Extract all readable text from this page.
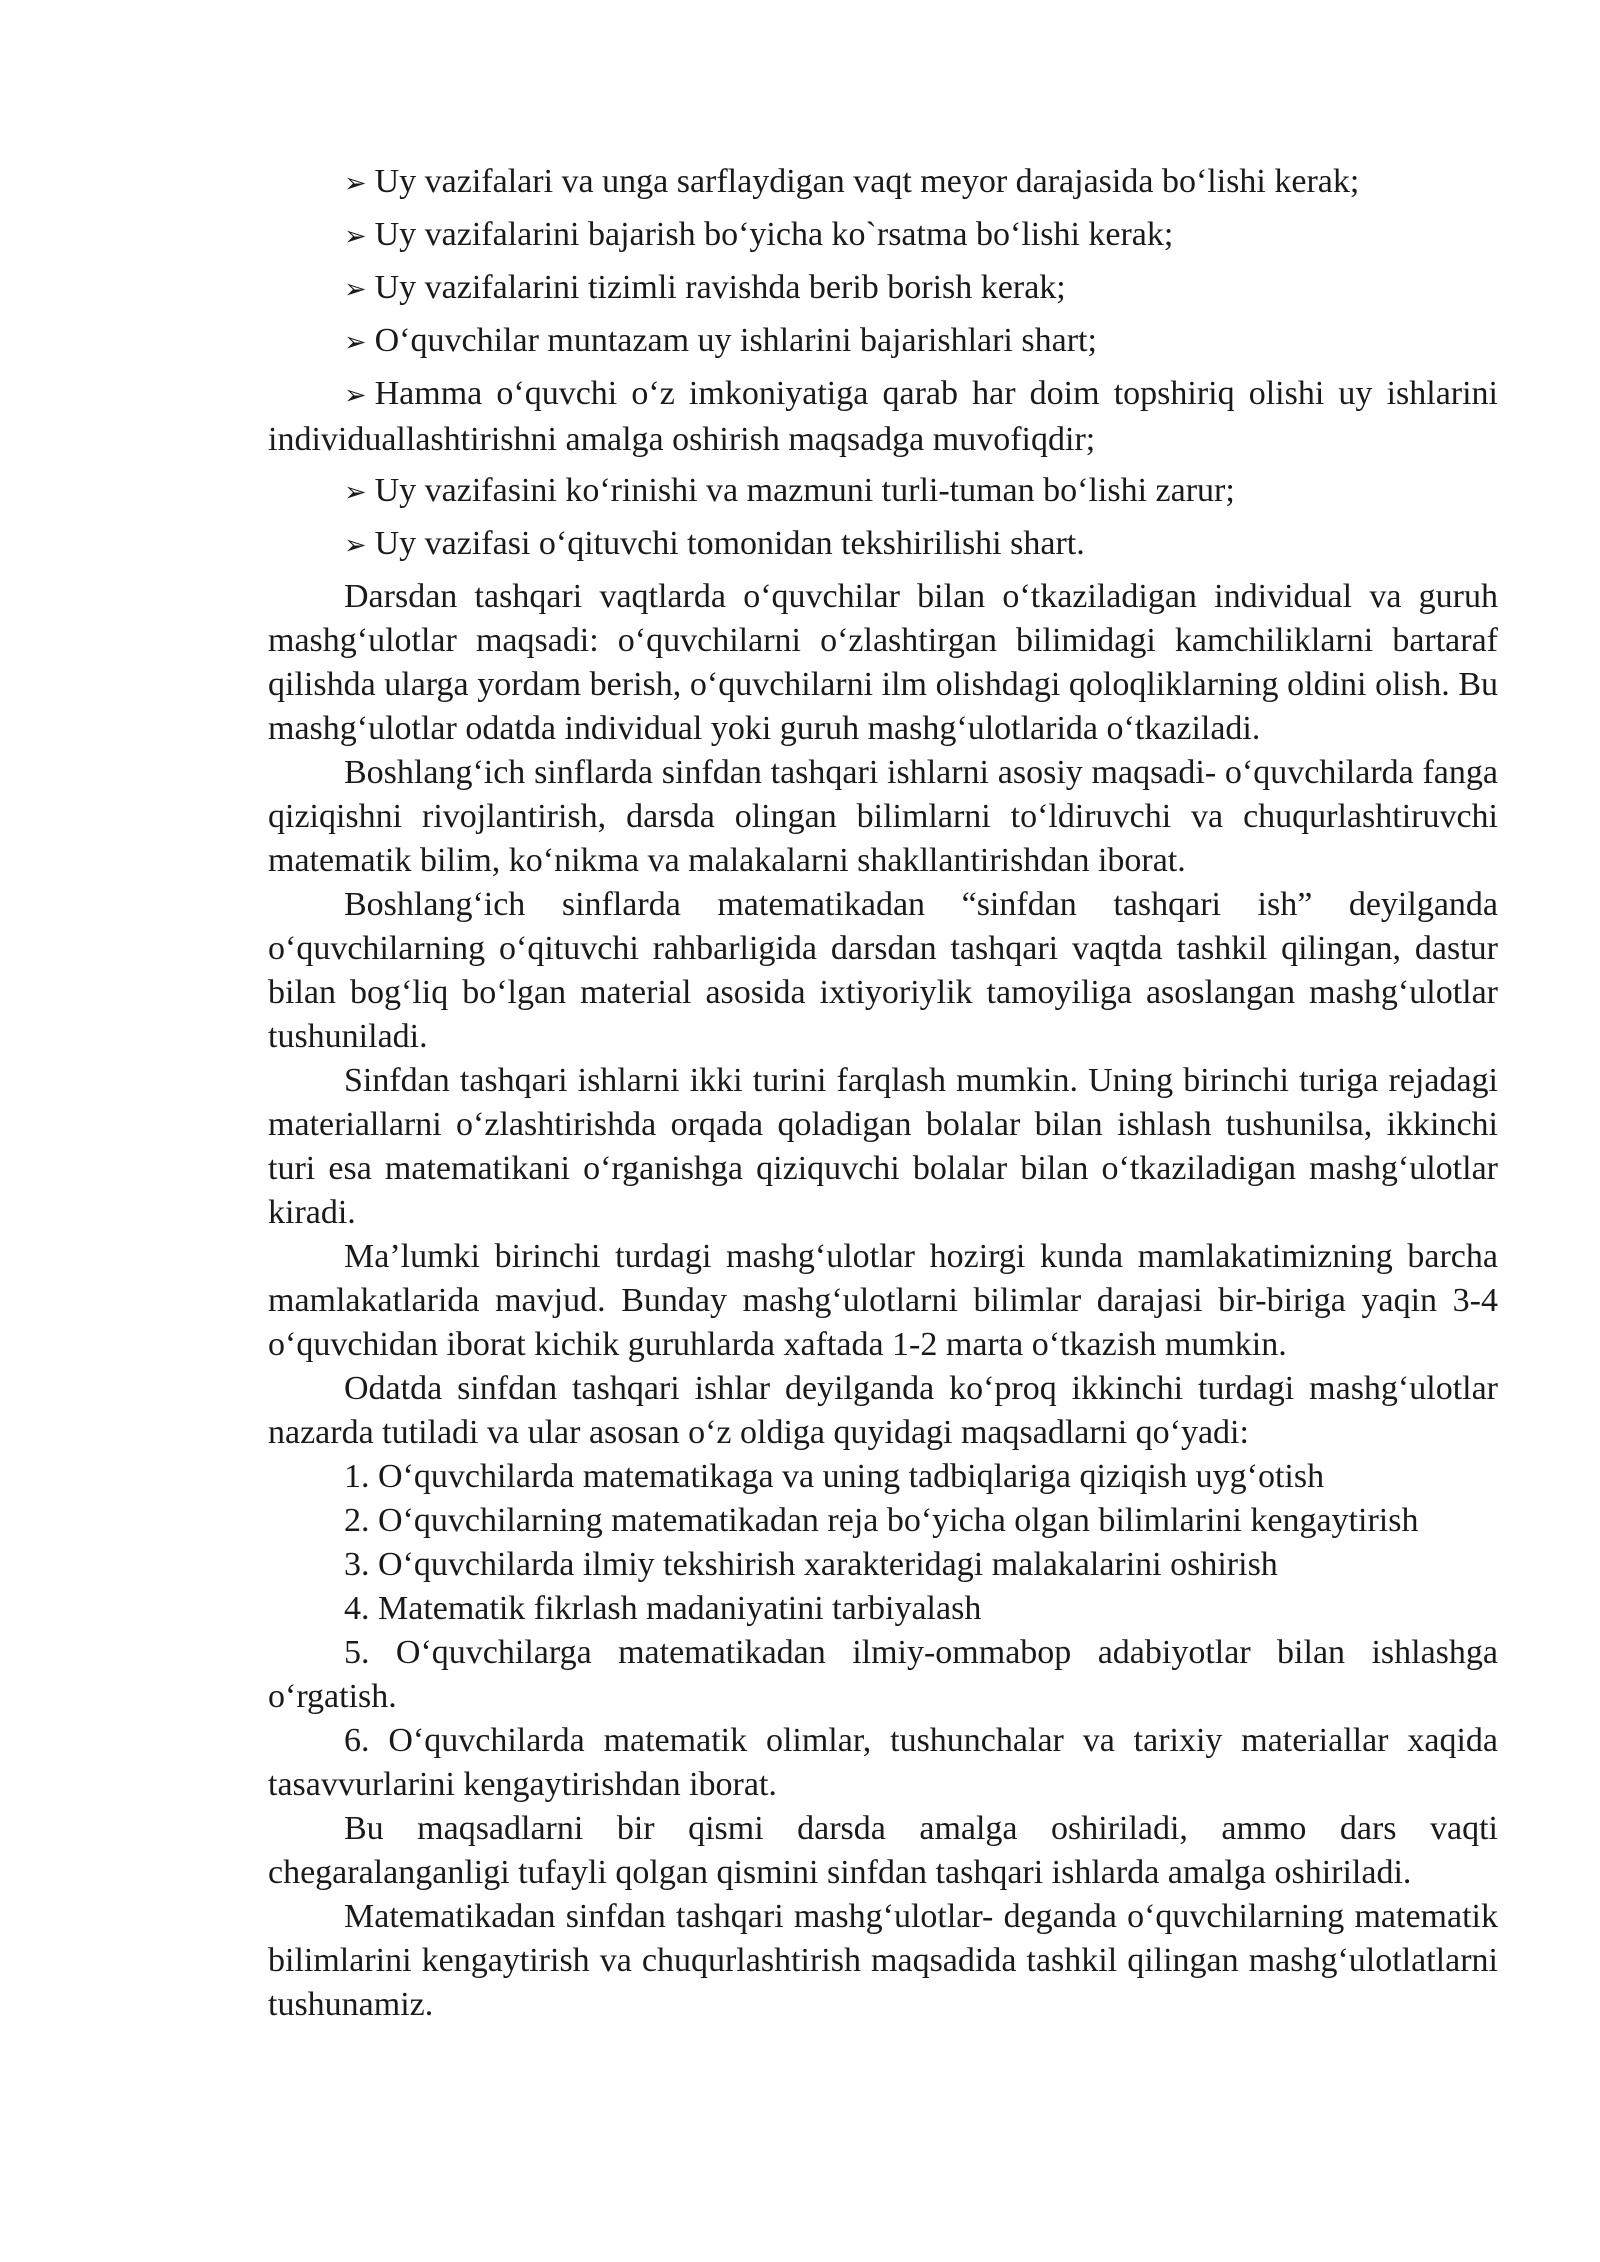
➢ Uy vazifalari va unga sarflaydigan vaqt meyor darajasida boʻlishi kerak;
➢ Uy vazifalarini bajarish boʻyicha ko`rsatma boʻlishi kerak;
➢ Uy vazifalarini tizimli ravishda berib borish kerak;
➢ Oʻquvchilar muntazam uy ishlarini bajarishlari shart;
➢ Hamma oʻquvchi oʻz imkoniyatiga qarab har doim topshiriq olishi uy ishlarini individuallashtirishni amalga oshirish maqsadga muvofiqdir;
➢ Uy vazifasini koʻrinishi va mazmuni turli-tuman boʻlishi zarur;
➢ Uy vazifasi oʻqituvchi tomonidan tekshirilishi shart.

Darsdan tashqari vaqtlarda oʻquvchilar bilan oʻtkaziladigan individual va guruh mashgʻulotlar maqsadi: oʻquvchilarni oʻzlashtirgan bilimidagi kamchiliklarni bartaraf qilishda ularga yordam berish, oʻquvchilarni ilm olishdagi qoloqliklarning oldini olish. Bu mashgʻulotlar odatda individual yoki guruh mashgʻulotlarida oʻtkaziladi.

Boshlangʻich sinflarda sinfdan tashqari ishlarni asosiy maqsadi- oʻquvchilarda fanga qiziqishni rivojlantirish, darsda olingan bilimlarni toʻldiruvchi va chuqurlashtiruvchi matematik bilim, koʻnikma va malakalarni shakllantirishdan iborat.

Boshlangʻich sinflarda matematikadan “sinfdan tashqari ish” deyilganda oʻquvchilarning oʻqituvchi rahbarligida darsdan tashqari vaqtda tashkil qilingan, dastur bilan bogʻliq boʻlgan material asosida ixtiyoriylik tamoyiliga asoslangan mashgʻulotlar tushuniladi.

Sinfdan tashqari ishlarni ikki turini farqlash mumkin. Uning birinchi turiga rejadagi materiallarni oʻzlashtirishda orqada qoladigan bolalar bilan ishlash tushunilsa, ikkinchi turi esa matematikani oʻrganishga qiziquvchi bolalar bilan oʻtkaziladigan mashgʻulotlar kiradi.

Ma’lumki birinchi turdagi mashgʻulotlar hozirgi kunda mamlakatimizning barcha mamlakatlarida mavjud. Bunday mashgʻulotlarni bilimlar darajasi bir-biriga yaqin 3-4 oʻquvchidan iborat kichik guruhlarda xaftada 1-2 marta oʻtkazish mumkin.

Odatda sinfdan tashqari ishlar deyilganda koʻproq ikkinchi turdagi mashgʻulotlar nazarda tutiladi va ular asosan oʻz oldiga quyidagi maqsadlarni qoʻyadi:

1. Oʻquvchilarda matematikaga va uning tadbiqlariga qiziqish uygʻotish

2. Oʻquvchilarning matematikadan reja boʻyicha olgan bilimlarini kengaytirish

3. Oʻquvchilarda ilmiy tekshirish xarakteridagi malakalarini oshirish

4. Matematik fikrlash madaniyatini tarbiyalash

5. Oʻquvchilarga matematikadan ilmiy-ommabop adabiyotlar bilan ishlashga oʻrgatish.

6. Oʻquvchilarda matematik olimlar, tushunchalar va tarixiy materiallar xaqida tasavvurlarini kengaytirishdan iborat.

Bu maqsadlarni bir qismi darsda amalga oshiriladi, ammo dars vaqti chegaralanganligi tufayli qolgan qismini sinfdan tashqari ishlarda amalga oshiriladi.

Matematikadan sinfdan tashqari mashgʻulotlar- deganda oʻquvchilarning matematik bilimlarini kengaytirish va chuqurlashtirish maqsadida tashkil qilingan mashgʻulotlatlarni tushunamiz.
